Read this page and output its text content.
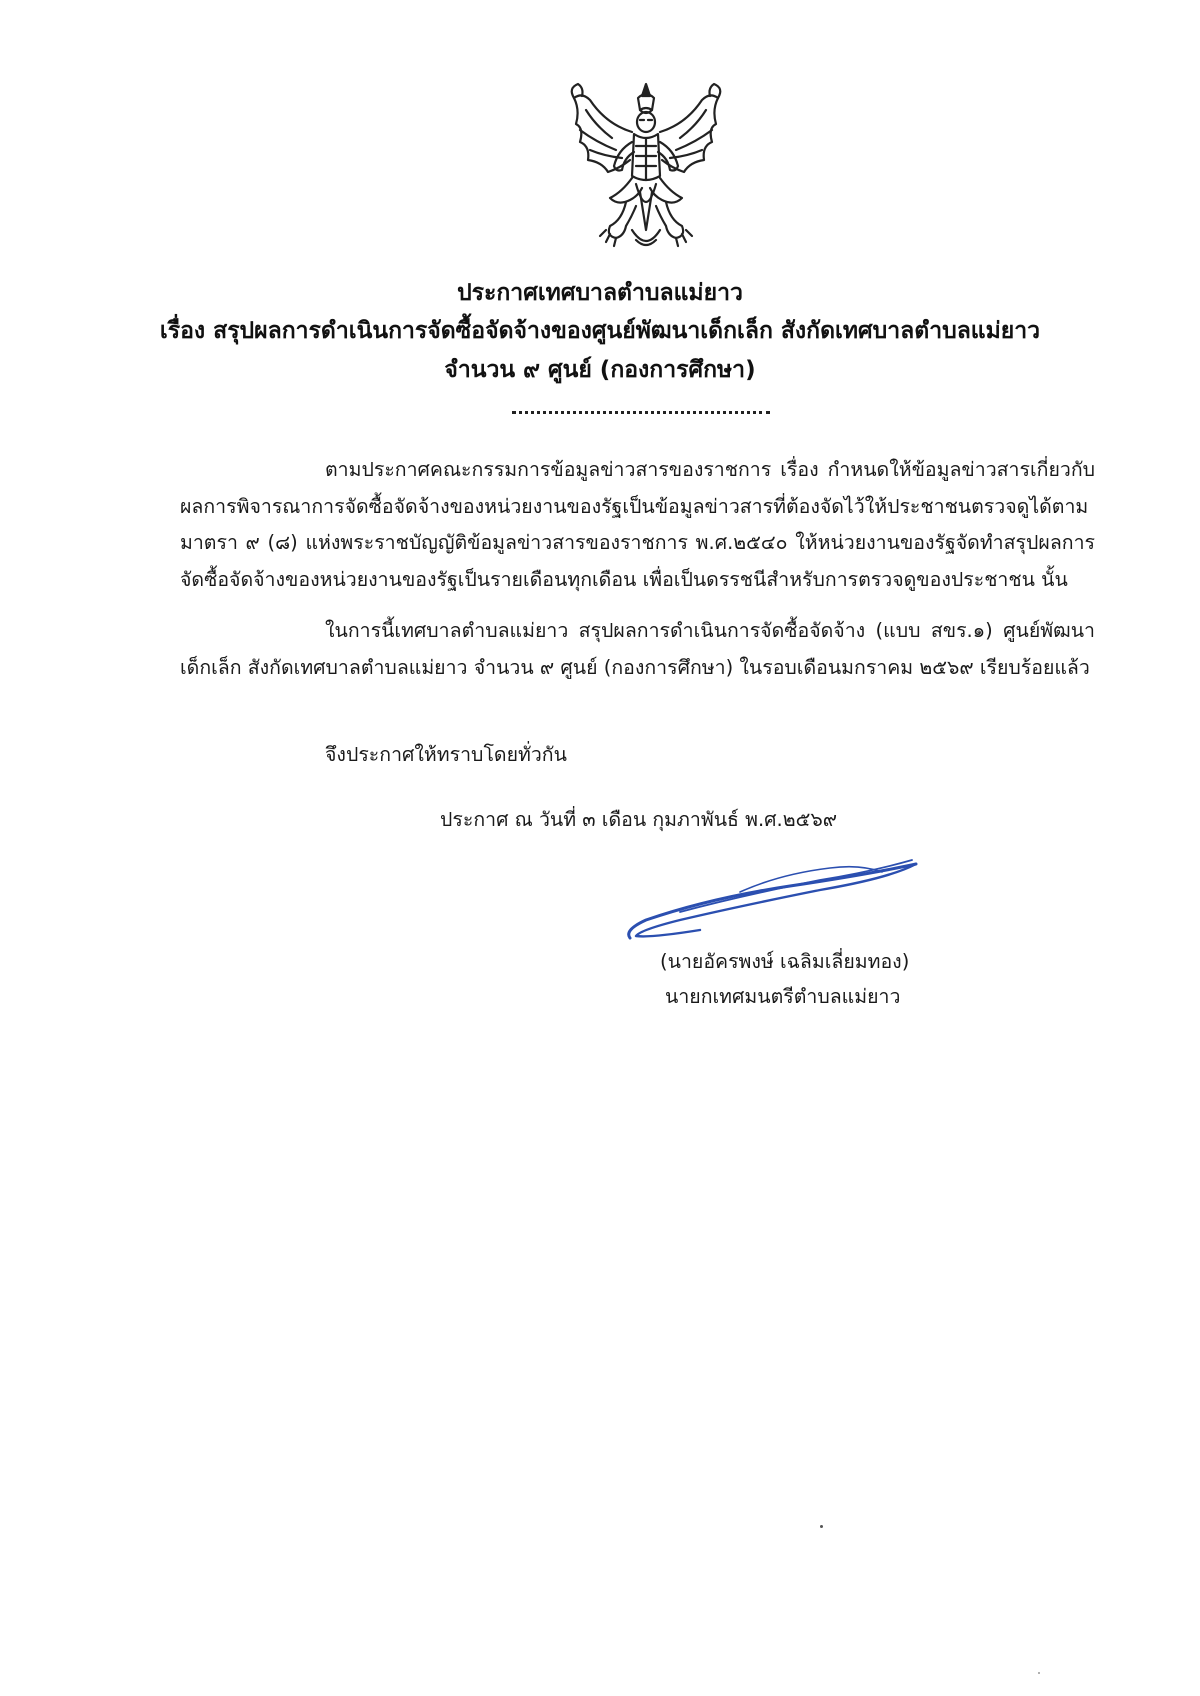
ประกาศเทศบาลตำบลแม่ยาว
เรื่อง สรุปผลการดำเนินการจัดซื้อจัดจ้างของศูนย์พัฒนาเด็กเล็ก สังกัดเทศบาลตำบลแม่ยาว
จำนวน ๙ ศูนย์ (กองการศึกษา)
ตามประกาศคณะกรรมการข้อมูลข่าวสารของราชการ เรื่อง กำหนดให้ข้อมูลข่าวสารเกี่ยวกับผลการพิจารณาการจัดซื้อจัดจ้างของหน่วยงานของรัฐเป็นข้อมูลข่าวสารที่ต้องจัดไว้ให้ประชาชนตรวจดูได้ตาม มาตรา ๙ (๘) แห่งพระราชบัญญัติข้อมูลข่าวสารของราชการ พ.ศ.๒๕๔๐ ให้หน่วยงานของรัฐจัดทำสรุปผลการจัดซื้อจัดจ้างของหน่วยงานของรัฐเป็นรายเดือนทุกเดือน เพื่อเป็นดรรชนีสำหรับการตรวจดูของประชาชน นั้น
ในการนี้เทศบาลตำบลแม่ยาว สรุปผลการดำเนินการจัดซื้อจัดจ้าง (แบบ สขร.๑) ศูนย์พัฒนาเด็กเล็ก สังกัดเทศบาลตำบลแม่ยาว จำนวน ๙ ศูนย์ (กองการศึกษา) ในรอบเดือนมกราคม ๒๕๖๙ เรียบร้อยแล้ว
จึงประกาศให้ทราบโดยทั่วกัน
ประกาศ ณ วันที่ ๓ เดือน กุมภาพันธ์ พ.ศ.๒๕๖๙
(นายอัครพงษ์ เฉลิมเลี่ยมทอง)
นายกเทศมนตรีตำบลแม่ยาว
